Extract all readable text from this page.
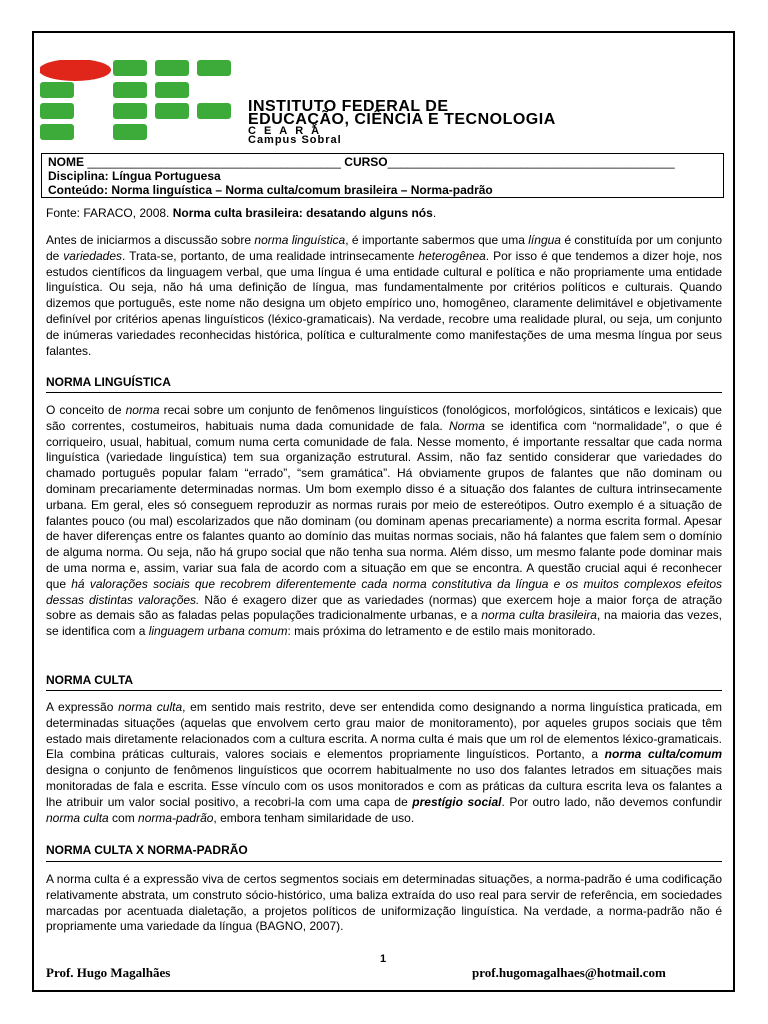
INSTITUTO FEDERAL DE
EDUCAÇÃO, CIÊNCIA E TECNOLOGIA
CEARÁ
Campus Sobral
NOME ______________________________________ CURSO___________________________________________
Disciplina: Língua Portuguesa
Conteúdo: Norma linguística – Norma culta/comum brasileira – Norma-padrão
Fonte: FARACO, 2008. Norma culta brasileira: desatando alguns nós.
Antes de iniciarmos a discussão sobre norma linguística, é importante sabermos que uma língua é constituída por um conjunto de variedades. Trata-se, portanto, de uma realidade intrinsecamente heterogênea. Por isso é que tendemos a dizer hoje, nos estudos científicos da linguagem verbal, que uma língua é uma entidade cultural e política e não propriamente uma entidade linguística. Ou seja, não há uma definição de língua, mas fundamentalmente por critérios políticos e culturais. Quando dizemos que português, este nome não designa um objeto empírico uno, homogêneo, claramente delimitável e objetivamente definível por critérios apenas linguísticos (léxico-gramaticais). Na verdade, recobre uma realidade plural, ou seja, um conjunto de inúmeras variedades reconhecidas histórica, política e culturalmente como manifestações de uma mesma língua por seus falantes.
NORMA LINGUÍSTICA
O conceito de norma recai sobre um conjunto de fenômenos linguísticos (fonológicos, morfológicos, sintáticos e lexicais) que são correntes, costumeiros, habituais numa dada comunidade de fala. Norma se identifica com “normalidade”, o que é corriqueiro, usual, habitual, comum numa certa comunidade de fala. Nesse momento, é importante ressaltar que cada norma linguística (variedade linguística) tem sua organização estrutural. Assim, não faz sentido considerar que variedades do chamado português popular falam “errado”, “sem gramática”. Há obviamente grupos de falantes que não dominam ou dominam precariamente determinadas normas. Um bom exemplo disso é a situação dos falantes de cultura intrinsecamente urbana. Em geral, eles só conseguem reproduzir as normas rurais por meio de estereótipos. Outro exemplo é a situação de falantes pouco (ou mal) escolarizados que não dominam (ou dominam apenas precariamente) a norma escrita formal. Apesar de haver diferenças entre os falantes quanto ao domínio das muitas normas sociais, não há falantes que falem sem o domínio de alguma norma. Ou seja, não há grupo social que não tenha sua norma. Além disso, um mesmo falante pode dominar mais de uma norma e, assim, variar sua fala de acordo com a situação em que se encontra. A questão crucial aqui é reconhecer que há valorações sociais que recobrem diferentemente cada norma constitutiva da língua e os muitos complexos efeitos dessas distintas valorações. Não é exagero dizer que as variedades (normas) que exercem hoje a maior força de atração sobre as demais são as faladas pelas populações tradicionalmente urbanas, e a norma culta brasileira, na maioria das vezes, se identifica com a linguagem urbana comum: mais próxima do letramento e de estilo mais monitorado.
NORMA CULTA
A expressão norma culta, em sentido mais restrito, deve ser entendida como designando a norma linguística praticada, em determinadas situações (aquelas que envolvem certo grau maior de monitoramento), por aqueles grupos sociais que têm estado mais diretamente relacionados com a cultura escrita. A norma culta é mais que um rol de elementos léxico-gramaticais. Ela combina práticas culturais, valores sociais e elementos propriamente linguísticos. Portanto, a norma culta/comum designa o conjunto de fenômenos linguísticos que ocorrem habitualmente no uso dos falantes letrados em situações mais monitoradas de fala e escrita. Esse vínculo com os usos monitorados e com as práticas da cultura escrita leva os falantes a lhe atribuir um valor social positivo, a recobri-la com uma capa de prestígio social. Por outro lado, não devemos confundir norma culta com norma-padrão, embora tenham similaridade de uso.
NORMA CULTA X NORMA-PADRÃO
A norma culta é a expressão viva de certos segmentos sociais em determinadas situações, a norma-padrão é uma codificação relativamente abstrata, um construto sócio-histórico, uma baliza extraída do uso real para servir de referência, em sociedades marcadas por acentuada dialetação, a projetos políticos de uniformização linguística. Na verdade, a norma-padrão não é propriamente uma variedade da língua (BAGNO, 2007).
1
Prof. Hugo Magalhães	prof.hugomagalhaes@hotmail.com
